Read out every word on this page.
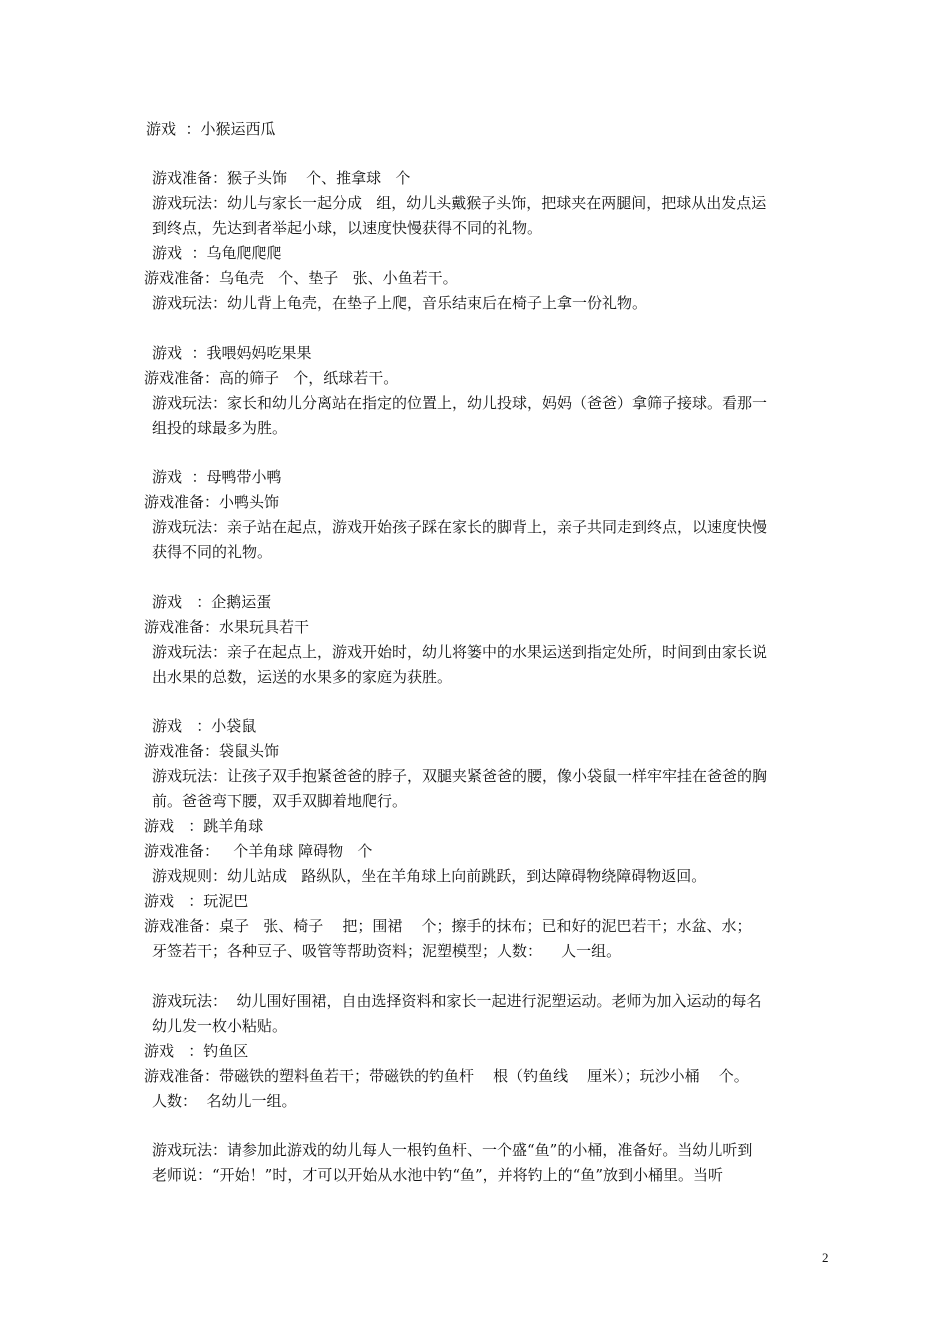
游戏  ：小猴运西瓜

游戏准备：猴子头饰    个、推拿球   个

游戏玩法：幼儿与家长一起分成   组，幼儿头戴猴子头饰，把球夹在两腿间，把球从出发点运

到终点，先达到者举起小球，以速度快慢获得不同的礼物。

游戏  ：乌龟爬爬爬

游戏准备：乌龟壳   个、垫子   张、小鱼若干。

游戏玩法：幼儿背上龟壳，在垫子上爬，音乐结束后在椅子上拿一份礼物。

游戏  ：我喂妈妈吃果果

游戏准备：高的筛子   个，纸球若干。

游戏玩法：家长和幼儿分离站在指定的位置上，幼儿投球，妈妈（爸爸）拿筛子接球。看那一

组投的球最多为胜。

游戏  ：母鸭带小鸭

游戏准备：小鸭头饰

游戏玩法：亲子站在起点，游戏开始孩子踩在家长的脚背上，亲子共同走到终点，以速度快慢

获得不同的礼物。

游戏   ：企鹅运蛋

游戏准备：水果玩具若干

游戏玩法：亲子在起点上，游戏开始时，幼儿将篓中的水果运送到指定处所，时间到由家长说

出水果的总数，运送的水果多的家庭为获胜。

游戏   ：小袋鼠

游戏准备：袋鼠头饰

游戏玩法：让孩子双手抱紧爸爸的脖子，双腿夹紧爸爸的腰，像小袋鼠一样牢牢挂在爸爸的胸

前。爸爸弯下腰，双手双脚着地爬行。

游戏   ：跳羊角球

游戏准备：   个羊角球 障碍物   个

游戏规则：幼儿站成   路纵队，坐在羊角球上向前跳跃，到达障碍物绕障碍物返回。

游戏   ：玩泥巴

游戏准备：桌子   张、椅子    把；围裙    个；擦手的抹布；已和好的泥巴若干；水盆、水；

牙签若干；各种豆子、吸管等帮助资料；泥塑模型；人数：    人一组。

游戏玩法：  幼儿围好围裙，自由选择资料和家长一起进行泥塑运动。老师为加入运动的每名

幼儿发一枚小粘贴。

游戏   ：钓鱼区

游戏准备：带磁铁的塑料鱼若干；带磁铁的钓鱼杆    根（钓鱼线    厘米）；玩沙小桶    个。

人数：  名幼儿一组。

游戏玩法：请参加此游戏的幼儿每人一根钓鱼杆、一个盛“鱼”的小桶，准备好。当幼儿听到

老师说：“开始！”时，才可以开始从水池中钓“鱼”，并将钓上的“鱼”放到小桶里。当听

2
